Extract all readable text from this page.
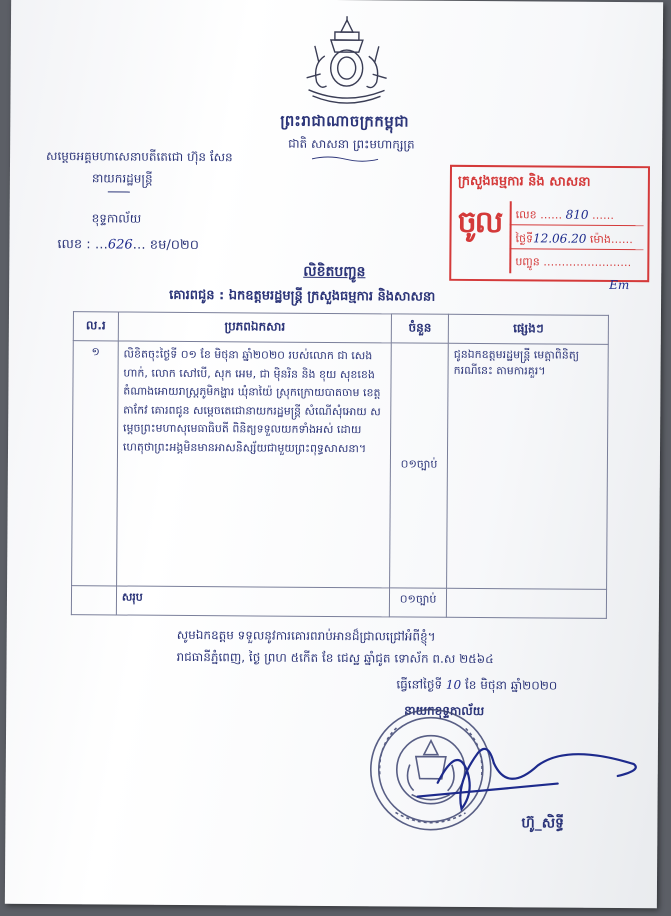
ព្រះរាជាណាចក្រកម្ពុជា
ជាតិ សាសនា ព្រះមហាក្សត្រ
សម្តេចអគ្គមហាសេនាបតីតេជោ ហ៊ុន សែន
នាយករដ្ឋមន្ត្រី
ខុទ្ទកាល័យ
លេខ : …626… ខម/០២០
ក្រសួងធម្មការ និង សាសនា
ចូល លេខ …… 810 ……
ថ្ងៃទី12.06.20 ម៉ោង……
បញ្ចូន ……………………
Em
លិខិតបញ្ជូន
គោរពជូន : ឯកឧត្តមរដ្ឋមន្ត្រី ក្រសួងធម្មការ និងសាសនា
ល.រ	ប្រភពឯកសារ	ចំនួន	ផ្សេងៗ
១	លិខិតចុះថ្ងៃទី ០១ ខែ មិថុនា ឆ្នាំ២០២០ របស់លោក ជា សេងហាក់, លោក សៅបើ, សុក អេម, ជា ម៉ិនរិន និង ខុយ សុខខេង តំណាងអោយរាស្ត្រភូមិកង្ហារ ឃុំនាយ៉ៃ ស្រុកក្រោយបាតចាម ខេត្តតាកែវ គោរពជូន សម្តេចតេជោនាយករដ្ឋមន្ត្រី សំណើសុំអោយ សម្តេចព្រះមហាសុមេធាធិបតី ពិនិត្យទទួលយកទាំងអស់ ដោយហេតុថាព្រះអង្គមិនមានអាសនិស្ស័យជាមួយព្រះពុទ្ធសាសនា។	០១ច្បាប់	ជូនឯកឧត្តមរដ្ឋមន្ត្រី មេត្តាពិនិត្យករណីនេះ តាមការគួរ។
	សរុប	០១ច្បាប់	
សូមឯកឧត្តម ទទួលនូវការគោរពរាប់អានដ៏ជ្រាលជ្រៅអំពីខ្ញុំ។
រាជធានីភ្នំពេញ, ថ្ងៃ ព្រហ ៥កើត ខែ ជេស្ឋ ឆ្នាំជូត ទោស័ក ព.ស ២៥៦៤
ធ្វើនៅថ្ងៃទី 10 ខែ មិថុនា ឆ្នាំ២០២០
នាយកខុទ្ទកាល័យ
ហ៊ូ_សិទ្ធី
